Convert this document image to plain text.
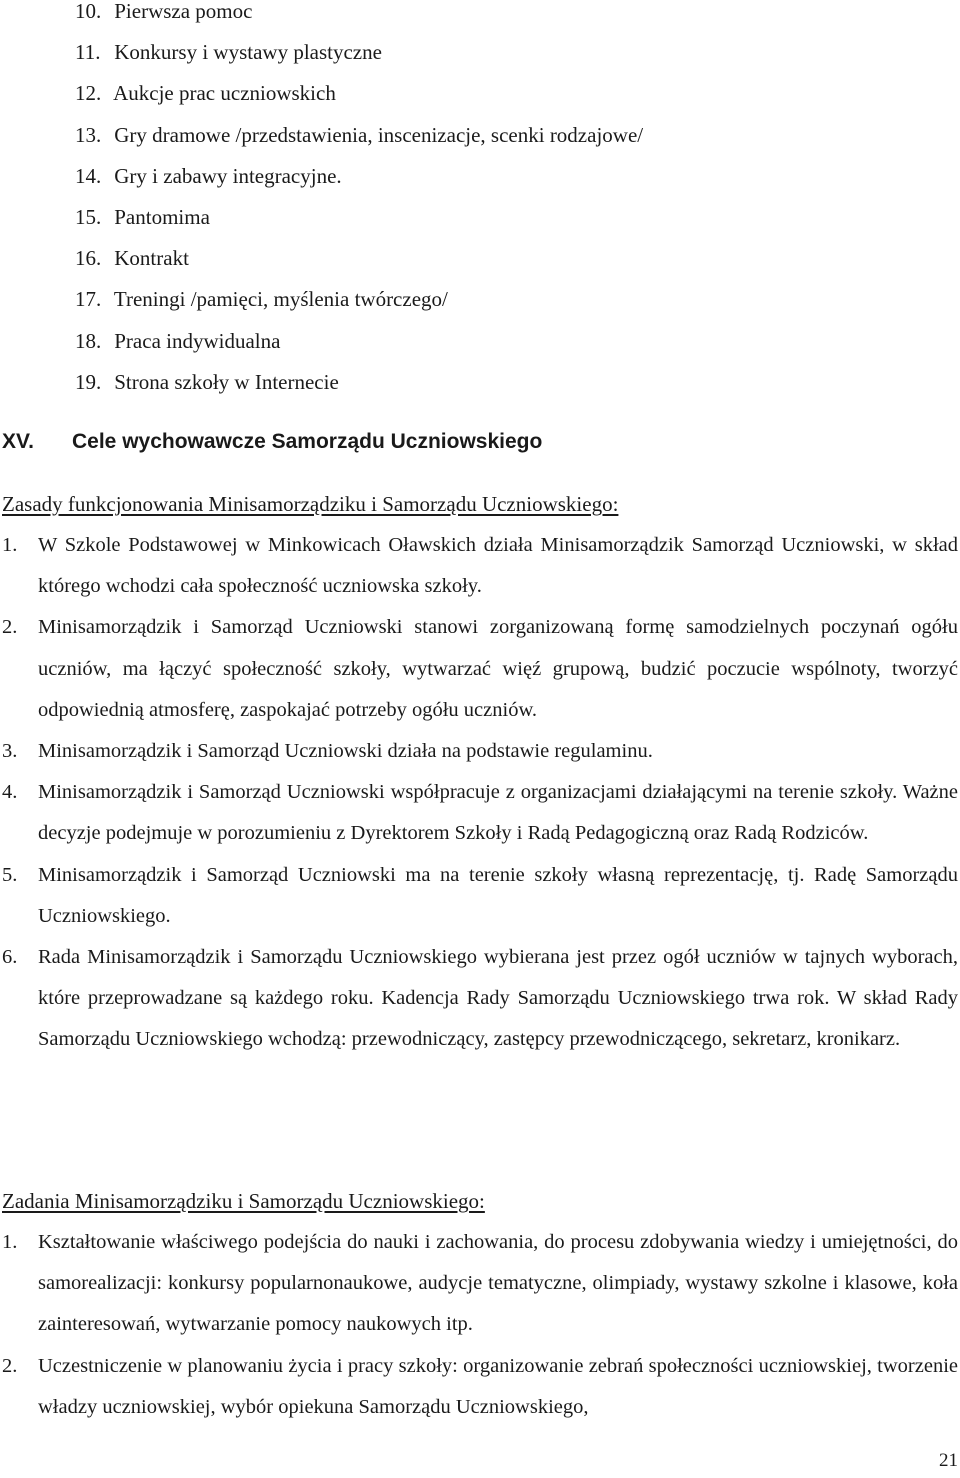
10. Pierwsza pomoc
11. Konkursy i wystawy plastyczne
12. Aukcje prac uczniowskich
13. Gry dramowe /przedstawienia, inscenizacje, scenki rodzajowe/
14. Gry i zabawy integracyjne.
15. Pantomima
16. Kontrakt
17. Treningi /pamięci, myślenia twórczego/
18. Praca indywidualna
19. Strona szkoły w Internecie
XV. Cele wychowawcze Samorządu Uczniowskiego
Zasady funkcjonowania Minisamorządziku i Samorządu Uczniowskiego:
1. W Szkole Podstawowej w Minkowicach Oławskich działa Minisamorządzik Samorząd Uczniowski, w skład którego wchodzi cała społeczność uczniowska szkoły.
2. Minisamorządzik i Samorząd Uczniowski stanowi zorganizowaną formę samodzielnych poczynań ogółu uczniów, ma łączyć społeczność szkoły, wytwarzać więź grupową, budzić poczucie wspólnoty, tworzyć odpowiednią atmosferę, zaspokajać potrzeby ogółu uczniów.
3. Minisamorządzik i Samorząd Uczniowski działa na podstawie regulaminu.
4. Minisamorządzik i Samorząd Uczniowski współpracuje z organizacjami działającymi na terenie szkoły. Ważne decyzje podejmuje w porozumieniu z Dyrektorem Szkoły i Radą Pedagogiczną oraz Radą Rodziców.
5. Minisamorządzik i Samorząd Uczniowski ma na terenie szkoły własną reprezentację, tj. Radę Samorządu Uczniowskiego.
6. Rada Minisamorządzik i Samorządu Uczniowskiego wybierana jest przez ogół uczniów w tajnych wyborach, które przeprowadzane są każdego roku. Kadencja Rady Samorządu Uczniowskiego trwa rok. W skład Rady Samorządu Uczniowskiego wchodzą: przewodniczący, zastępcy przewodniczącego, sekretarz, kronikarz.
Zadania Minisamorządziku i Samorządu Uczniowskiego:
1. Kształtowanie właściwego podejścia do nauki i zachowania, do procesu zdobywania wiedzy i umiejętności, do samorealizacji: konkursy popularnonaukowe, audycje tematyczne, olimpiady, wystawy szkolne i klasowe, koła zainteresowań, wytwarzanie pomocy naukowych itp.
2. Uczestniczenie w planowaniu życia i pracy szkoły: organizowanie zebrań społeczności uczniowskiej, tworzenie władzy uczniowskiej, wybór opiekuna Samorządu Uczniowskiego,
21
